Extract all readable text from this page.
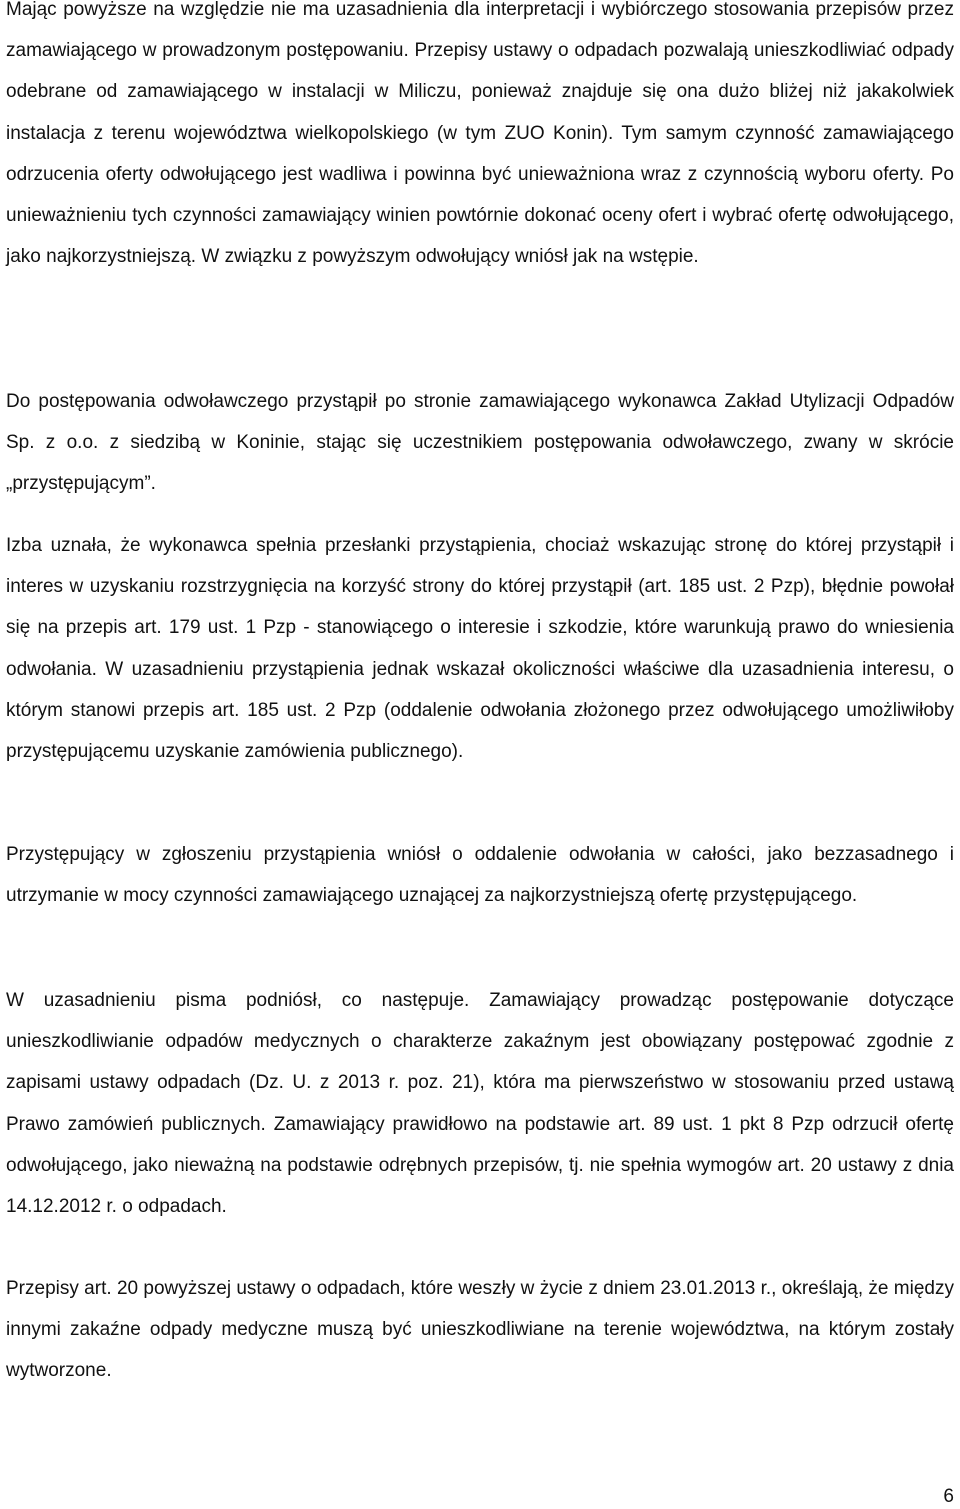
Mając powyższe na względzie nie ma uzasadnienia dla interpretacji i wybiórczego stosowania przepisów przez zamawiającego w prowadzonym postępowaniu. Przepisy ustawy o odpadach pozwalają unieszkodliwiać odpady odebrane od zamawiającego w instalacji w Miliczu, ponieważ znajduje się ona dużo bliżej niż jakakolwiek instalacja z terenu województwa wielkopolskiego (w tym ZUO Konin). Tym samym czynność zamawiającego odrzucenia oferty odwołującego jest wadliwa i powinna być unieważniona wraz z czynnością wyboru oferty. Po unieważnieniu tych czynności zamawiający winien powtórnie dokonać oceny ofert i wybrać ofertę odwołującego, jako najkorzystniejszą. W związku z powyższym odwołujący wniósł jak na wstępie.

Do postępowania odwoławczego przystąpił po stronie zamawiającego wykonawca Zakład Utylizacji Odpadów Sp. z o.o. z siedzibą w Koninie, stając się uczestnikiem postępowania odwoławczego, zwany w skrócie „przystępującym”.

Izba uznała, że wykonawca spełnia przesłanki przystąpienia, chociaż wskazując stronę do której przystąpił i interes w uzyskaniu rozstrzygnięcia na korzyść strony do której przystąpił (art. 185 ust. 2 Pzp), błędnie powołał się na przepis art. 179 ust. 1 Pzp - stanowiącego o interesie i szkodzie, które warunkują prawo do wniesienia odwołania. W uzasadnieniu przystąpienia jednak wskazał okoliczności właściwe dla uzasadnienia interesu, o którym stanowi przepis art. 185 ust. 2 Pzp (oddalenie odwołania złożonego przez odwołującego umożliwiłoby przystępującemu uzyskanie zamówienia publicznego).

Przystępujący w zgłoszeniu przystąpienia wniósł o oddalenie odwołania w całości, jako bezzasadnego i utrzymanie w mocy czynności zamawiającego uznającej za najkorzystniejszą ofertę przystępującego.

W uzasadnieniu pisma podniósł, co następuje. Zamawiający prowadząc postępowanie dotyczące unieszkodliwianie odpadów medycznych o charakterze zakaźnym jest obowiązany postępować zgodnie z zapisami ustawy odpadach (Dz. U. z 2013 r. poz. 21), która ma pierwszeństwo w stosowaniu przed ustawą Prawo zamówień publicznych. Zamawiający prawidłowo na podstawie art. 89 ust. 1 pkt 8 Pzp odrzucił ofertę odwołującego, jako nieważną na podstawie odrębnych przepisów, tj. nie spełnia wymogów art. 20 ustawy z dnia 14.12.2012 r. o odpadach.

Przepisy art. 20 powyższej ustawy o odpadach, które weszły w życie z dniem 23.01.2013 r., określają, że między innymi zakaźne odpady medyczne muszą być unieszkodliwiane na terenie województwa, na którym zostały wytworzone.

6
